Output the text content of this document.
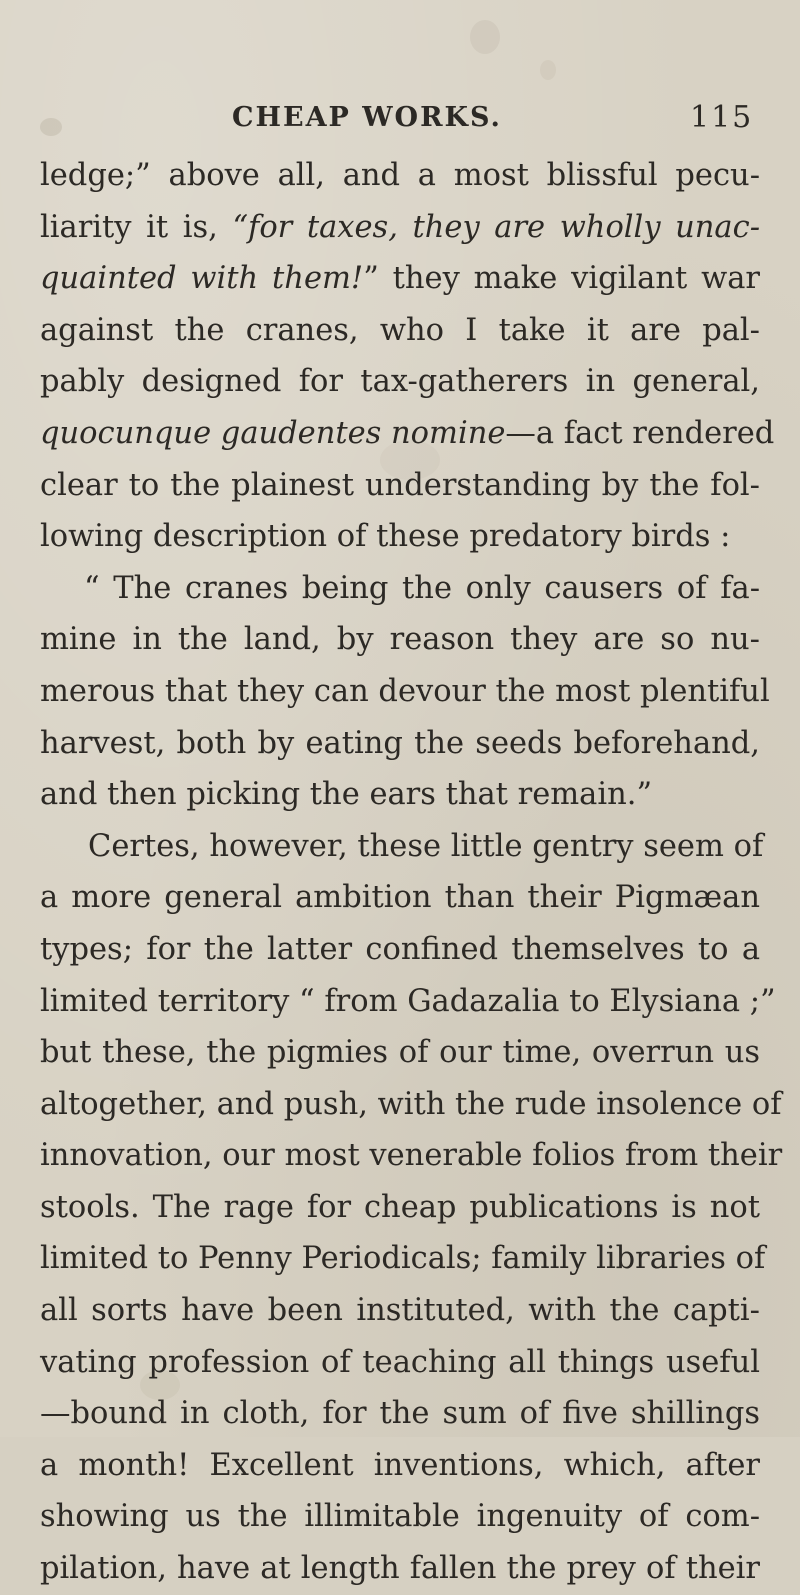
CHEAP WORKS.	115
ledge;” above all, and a most blissful pecu-
liarity it is, “for taxes, they are wholly unac-
quainted with them!” they make vigilant war
against the cranes, who I take it are pal-
pably designed for tax-gatherers in general,
quocunque gaudentes nomine—a fact rendered
clear to the plainest understanding by the fol-
lowing description of these predatory birds :
“ The cranes being the only causers of fa-
mine in the land, by reason they are so nu-
merous that they can devour the most plentiful
harvest, both by eating the seeds beforehand,
and then picking the ears that remain.”
Certes, however, these little gentry seem of
a more general ambition than their Pigmæan
types; for the latter confined themselves to a
limited territory “ from Gadazalia to Elysiana ;”
but these, the pigmies of our time, overrun us
altogether, and push, with the rude insolence of
innovation, our most venerable folios from their
stools. The rage for cheap publications is not
limited to Penny Periodicals; family libraries of
all sorts have been instituted, with the capti-
vating profession of teaching all things useful
—bound in cloth, for the sum of five shillings
a month! Excellent inventions, which, after
showing us the illimitable ingenuity of com-
pilation, have at length fallen the prey of their
